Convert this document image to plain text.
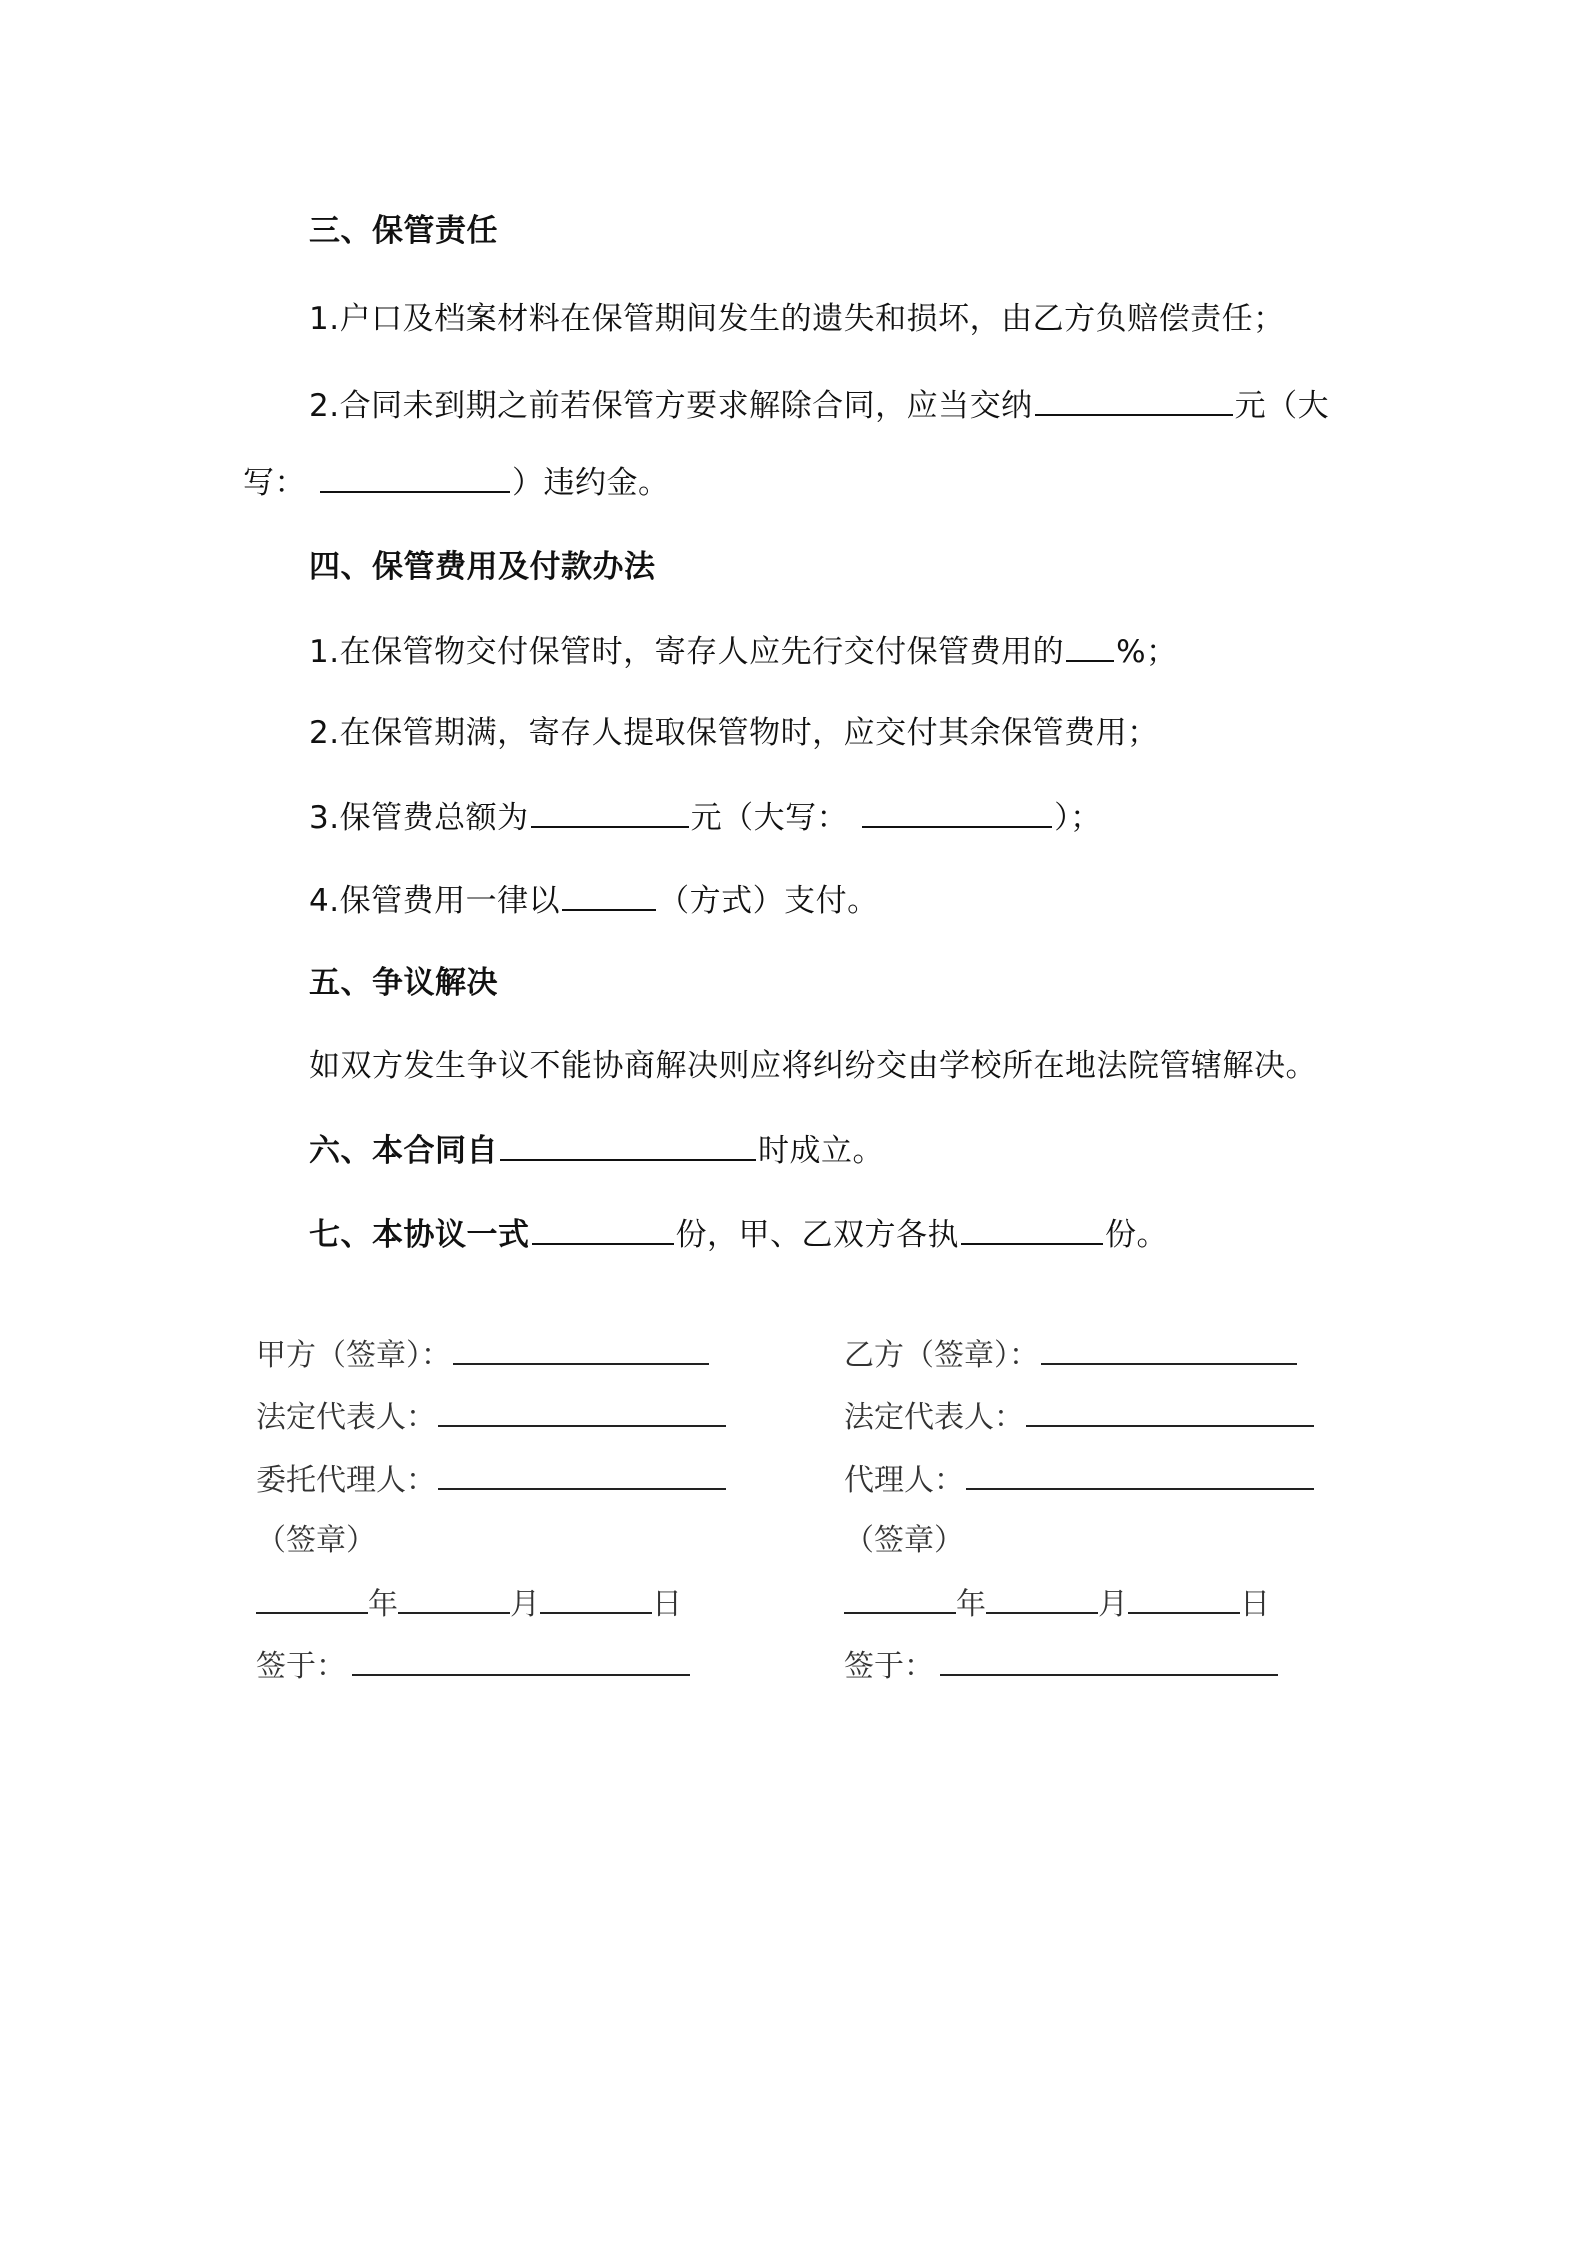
三、保管责任
1.户口及档案材料在保管期间发生的遗失和损坏，由乙方负赔偿责任；
2.合同未到期之前若保管方要求解除合同，应当交纳	元（大
写：	）违约金。
四、保管费用及付款办法
1.在保管物交付保管时，寄存人应先行交付保管费用的 %；
2.在保管期满，寄存人提取保管物时，应交付其余保管费用；
3.保管费总额为	元（大写：	）；
4.保管费用一律以	（方式）支付。
五、争议解决
如双方发生争议不能协商解决则应将纠纷交由学校所在地法院管辖解决。
六、本合同自	时成立。
七、本协议一式	份，甲、乙双方各执	份。
甲方（签章）：
法定代表人：
委托代理人：
（签章）
年	月	日
签于：
乙方（签章）：
法定代表人：
代理人：
（签章）
年	月	日
签于：
